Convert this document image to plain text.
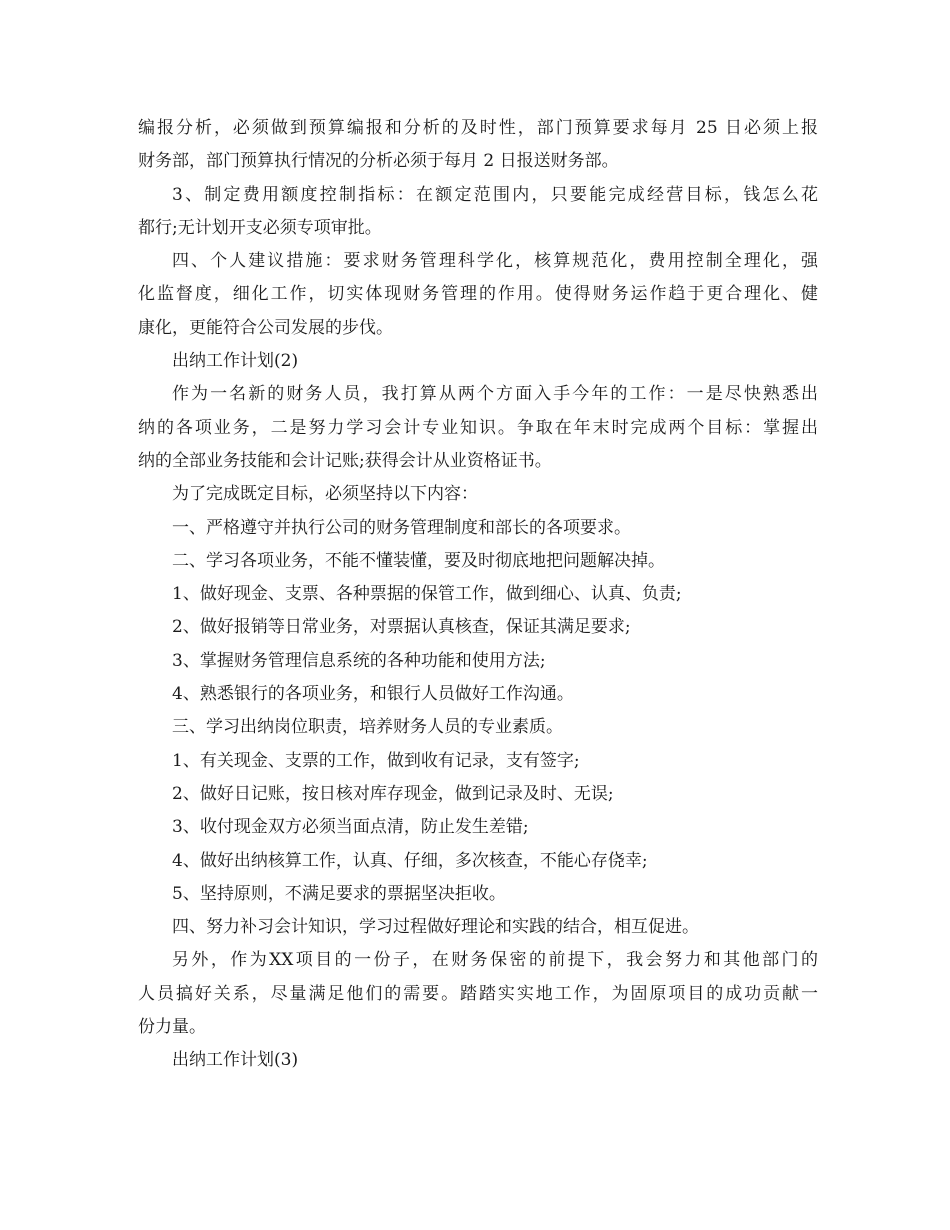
编报分析，必须做到预算编报和分析的及时性，部门预算要求每月 25 日必须上报
财务部，部门预算执行情况的分析必须于每月 2 日报送财务部。
3、制定费用额度控制指标：在额定范围内，只要能完成经营目标，钱怎么花
都行;无计划开支必须专项审批。
四、个人建议措施：要求财务管理科学化，核算规范化，费用控制全理化，强
化监督度，细化工作，切实体现财务管理的作用。使得财务运作趋于更合理化、健
康化，更能符合公司发展的步伐。
出纳工作计划(2)
作为一名新的财务人员，我打算从两个方面入手今年的工作：一是尽快熟悉出
纳的各项业务，二是努力学习会计专业知识。争取在年末时完成两个目标：掌握出
纳的全部业务技能和会计记账;获得会计从业资格证书。
为了完成既定目标，必须坚持以下内容：
一、严格遵守并执行公司的财务管理制度和部长的各项要求。
二、学习各项业务，不能不懂装懂，要及时彻底地把问题解决掉。
1、做好现金、支票、各种票据的保管工作，做到细心、认真、负责;
2、做好报销等日常业务，对票据认真核查，保证其满足要求;
3、掌握财务管理信息系统的各种功能和使用方法;
4、熟悉银行的各项业务，和银行人员做好工作沟通。
三、学习出纳岗位职责，培养财务人员的专业素质。
1、有关现金、支票的工作，做到收有记录，支有签字;
2、做好日记账，按日核对库存现金，做到记录及时、无误;
3、收付现金双方必须当面点清，防止发生差错;
4、做好出纳核算工作，认真、仔细，多次核查，不能心存侥幸;
5、坚持原则，不满足要求的票据坚决拒收。
四、努力补习会计知识，学习过程做好理论和实践的结合，相互促进。
另外，作为XX项目的一份子，在财务保密的前提下，我会努力和其他部门的
人员搞好关系，尽量满足他们的需要。踏踏实实地工作，为固原项目的成功贡献一
份力量。
出纳工作计划(3)
